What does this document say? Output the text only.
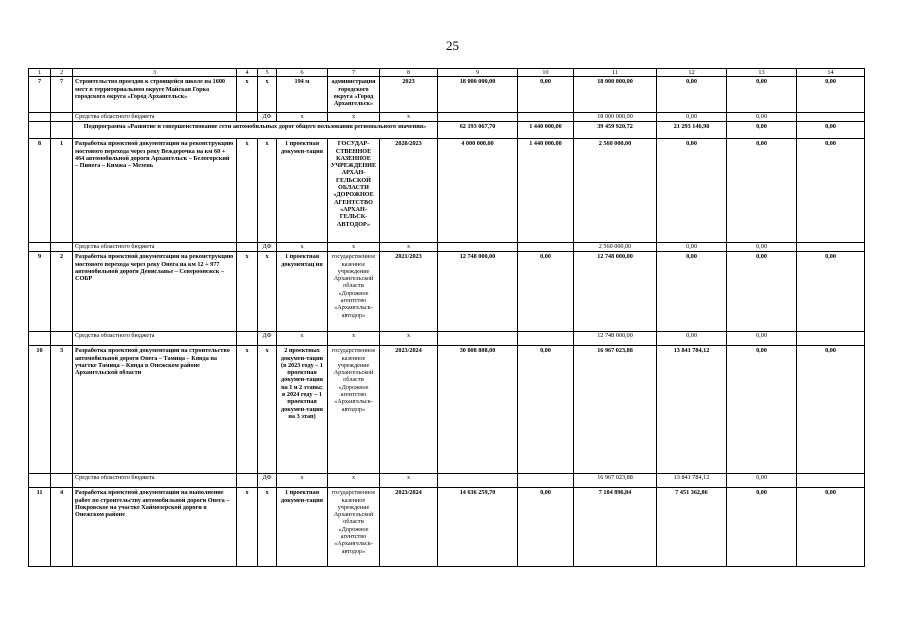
25
1	2	3	4	5	6	7	8	9	10	11	12	13	14
7	7	Строительство проездов к строящейся школе на 1600 мест в территориальном округе Майская Горка городского округа «Город Архангельск»	х	х	194 м	администрация городского округа «Город Архангельск»	2023	18 000 000,00	0,00	18 000 000,00	0,00	0,00	0,00
		Средства областного бюджета		ДФ	х	х	х			18 000 000,00	0,00	0,00	
		Подпрограмма «Развитие и совершенствование сети автомобильных дорог общего пользования регионального значения»						62 193 067,70	1 440 000,00	39 459 920,72	21 293 146,98	0,00	0,00
8	1	Разработка проектной документации на реконструкцию мостового перехода через реку Веждерочка на км 60 + 464 автомобильной дороги Архангельск – Белогорский – Пинега – Кимжа – Мезень	х	х	1 проектная докумен-тация	ГОСУДАР-СТВЕННОЕ КАЗЕННОЕ УЧРЕЖДЕНИЕ АРХАН-ГЕЛЬСКОЙ ОБЛАСТИ «ДОРОЖНОЕ АГЕНТСТВО «АРХАН-ГЕЛЬСК-АВТОДОР»	2020/2023	4 000 000,00	1 440 000,00	2 560 000,00	0,00	0,00	0,00
		Средства областного бюджета		ДФ	х	х	х			2 560 000,00	0,00	0,00	
9	2	Разработка проектной документации на реконструкцию мостового перехода через реку Онега на км 12 + 977 автомобильной дороги Дениславье – Североонежск – СОБР	х	х	1 проектная документац ия	государственное казенное учреждение Архангельской области «Дорожное агентство «Архангельск-автодор»	2021/2023	12 748 000,00	0,00	12 748 000,00	0,00	0,00	0,00
		Средства областного бюджета		ДФ	х	х	х			12 748 000,00	0,00	0,00	
10	3	Разработка проектной документации на строительство автомобильной дороги Онега – Тамица – Кянда на участке Тамица – Кянда в Онежском районе Архангельской области	х	х	2 проектных докумен-тации (в 2023 году – 1 проектная докумен-тация на 1 и 2 этапы; в 2024 году – 1 проектная докумен-тация на 3 этап)	государственное казенное учреждение Архангельской области «Дорожное агентство «Архангельск-автодор»	2023/2024	30 808 808,00	0,00	16 967 023,88	13 841 784,12	0,00	0,00
		Средства областного бюджета		ДФ	х	х	х			16 967 023,88	13 841 784,12	0,00	
11	4	Разработка проектной документации на выполнение работ по строительству автомобильной дороги Онега – Покровское на участке Хаймозерской дороги в Онежском районе	х	х	1 проектная докумен-тация	государственное казенное учреждение Архангельской области «Дорожное агентство «Архангельск-автодор»	2023/2024	14 636 259,70	0,00	7 184 896,84	7 451 362,86	0,00	0,00
